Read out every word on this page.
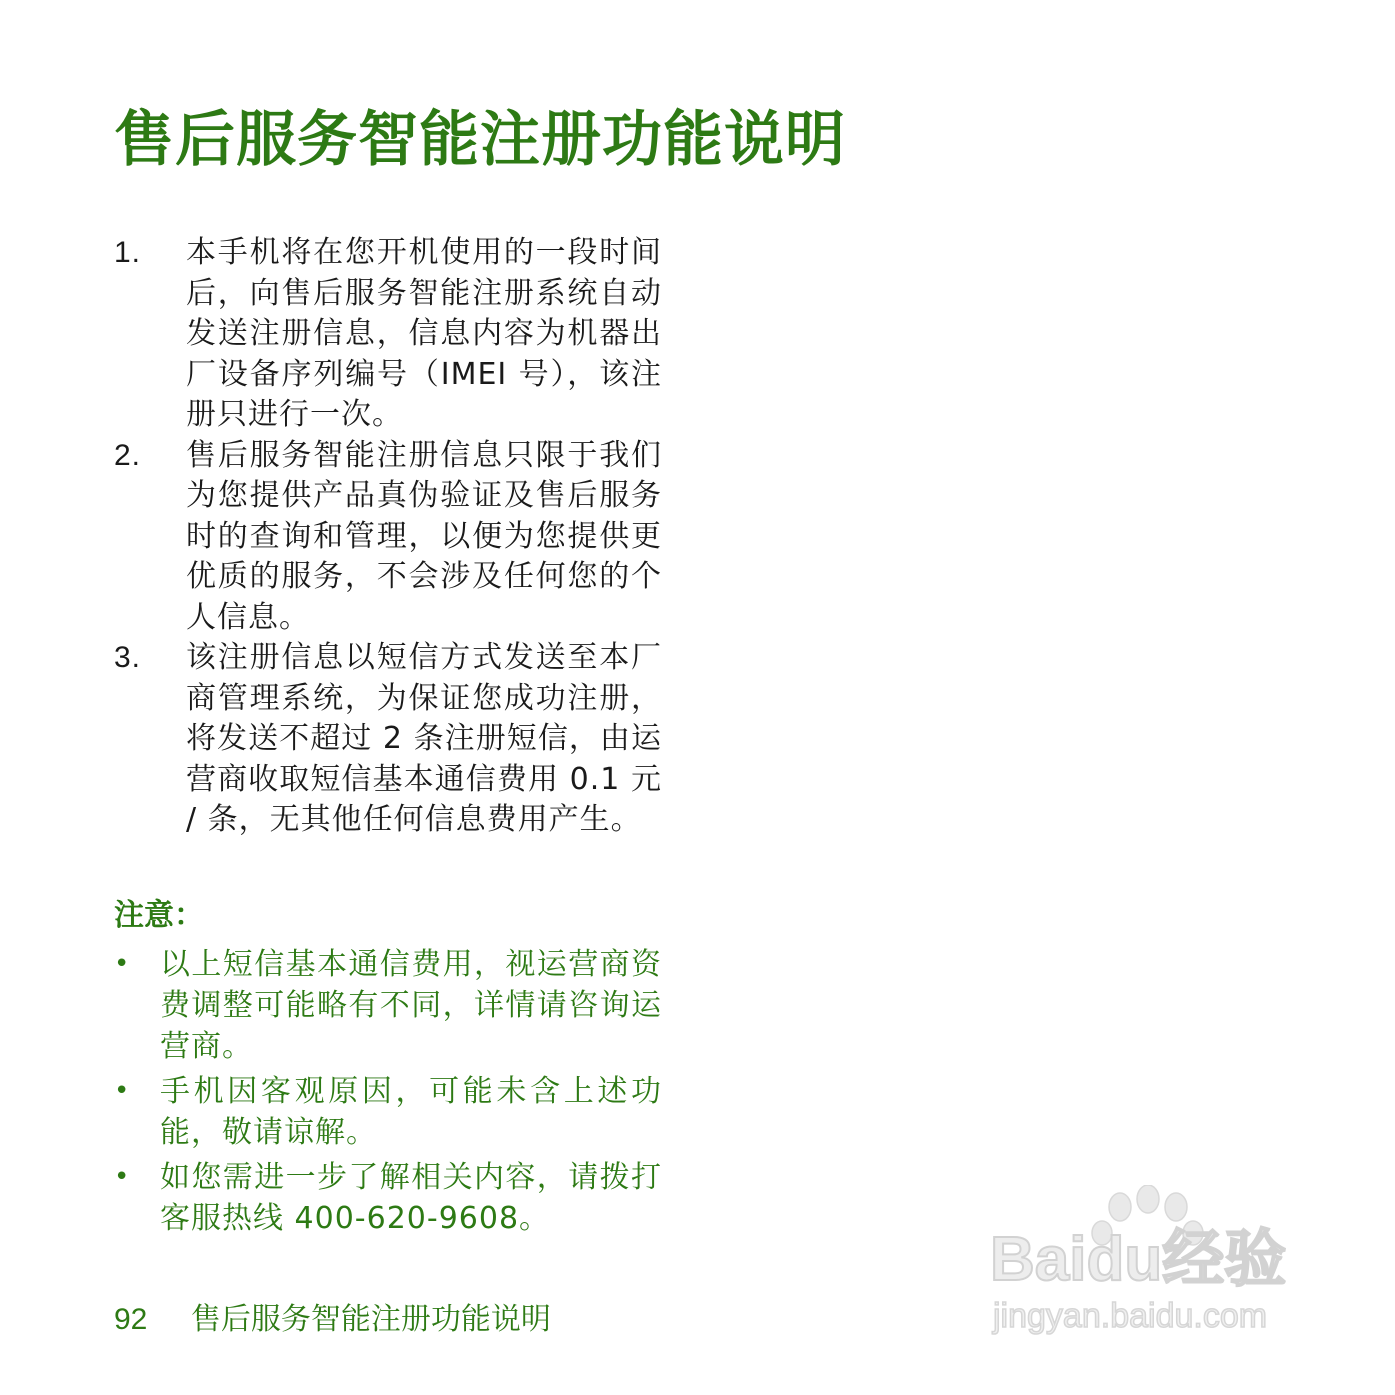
售后服务智能注册功能说明
1. 本手机将在您开机使用的一段时间后，向售后服务智能注册系统自动发送注册信息，信息内容为机器出厂设备序列编号（IMEI 号），该注册只进行一次。
2. 售后服务智能注册信息只限于我们为您提供产品真伪验证及售后服务时的查询和管理，以便为您提供更优质的服务，不会涉及任何您的个人信息。
3. 该注册信息以短信方式发送至本厂商管理系统，为保证您成功注册，将发送不超过 2 条注册短信，由运营商收取短信基本通信费用 0.1 元 / 条，无其他任何信息费用产生。
注意：
• 以上短信基本通信费用，视运营商资费调整可能略有不同，详情请咨询运营商。
• 手机因客观原因，可能未含上述功能，敬请谅解。
• 如您需进一步了解相关内容，请拨打客服热线 400-620-9608。
92 售后服务智能注册功能说明
Baidu经验
jingyan.baidu.com
